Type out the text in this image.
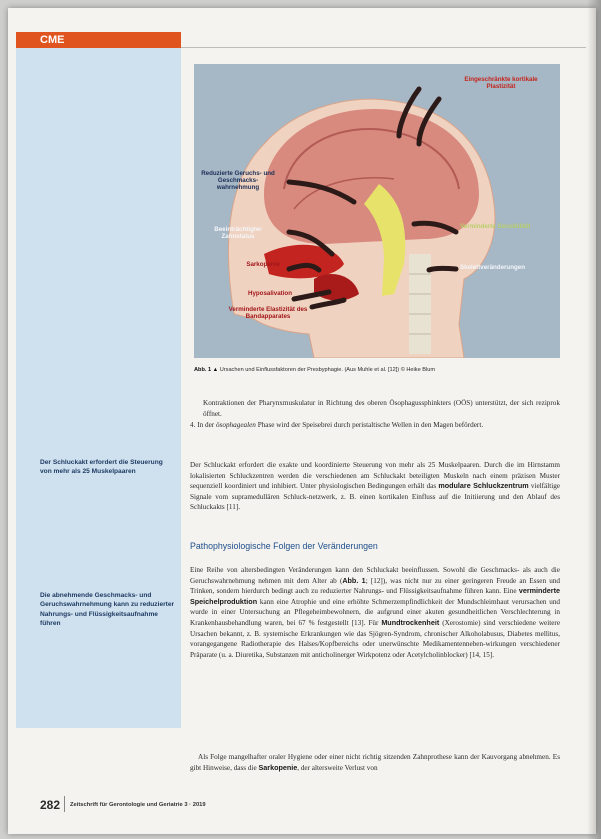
CME
Der Schluckakt erfordert die Steuerung von mehr als 25 Muskelpaaren
Die abnehmende Geschmacks- und Geruchswahrnehmung kann zu reduzierter Nahrungs- und Flüssigkeitsaufnahme führen
Eingeschränkte kortikale Plastizität
Reduzierte Geruchs- und Geschmackswahrnehmung
Beeinträchtigter Zahnstatus
Verminderte Sensibilität
Sarkopenie	Skelettveränderungen
Hyposalivation
Verminderte Elastizität des Bandapparates
Abb. 1 ▲ Ursachen und Einflussfaktoren der Presbyphagie. (Aus Muhle et al. [12]) © Heike Blum
Kontraktionen der Pharynxmuskulatur in Richtung des oberen Ösophagussphinkters (OÖS) unterstützt, der sich reziprok öffnet.
4. In der ösophagealen Phase wird der Speisebrei durch peristaltische Wellen in den Magen befördert.
Der Schluckakt erfordert die exakte und koordinierte Steuerung von mehr als 25 Muskelpaaren. Durch die im Hirnstamm lokalisierten Schluckzentren werden die verschiedenen am Schluckakt beteiligten Muskeln nach einem präzisen Muster sequenziell koordiniert und inhibiert. Unter physiologischen Bedingungen erhält das modulare Schluckzentrum vielfältige Signale vom supramedullären Schluck-netzwerk, z. B. einen kortikalen Einfluss auf die Initiierung und den Ablauf des Schluckakts [11].
Pathophysiologische Folgen der Veränderungen
Eine Reihe von altersbedingten Veränderungen kann den Schluckakt beeinflussen. Sowohl die Geschmacks- als auch die Geruchswahrnehmung nehmen mit dem Alter ab (Abb. 1; [12]), was nicht nur zu einer geringeren Freude an Essen und Trinken, sondern hierdurch bedingt auch zu reduzierter Nahrungs- und Flüssigkeitsaufnahme führen kann. Eine verminderte Speichelproduktion kann eine Atrophie und eine erhöhte Schmerzempfindlichkeit der Mundschleimhaut verursachen und wurde in einer Untersuchung an Pflegeheimbewohnern, die aufgrund einer akuten gesundheitlichen Verschlechterung in Krankenhausbehandlung waren, bei 67 % festgestellt [13]. Für Mundtrockenheit (Xerostomie) sind verschiedene weitere Ursachen bekannt, z. B. systemische Erkrankungen wie das Sjögren-Syndrom, chronischer Alkoholabusus, Diabetes mellitus, vorangegangene Radiotherapie des Halses/Kopfbereichs oder unerwünschte Medikamentenneben-wirkungen verschiedener Präparate (u. a. Diuretika, Substanzen mit anticholinerger Wirkpotenz oder Acetylcholinblocker) [14, 15].
Als Folge mangelhafter oraler Hygiene oder einer nicht richtig sitzenden Zahnprothese kann der Kauvorgang abnehmen. Es gibt Hinweise, dass die Sarkopenie, der altersweite Verlust von
282 Zeitschrift für Gerontologie und Geriatrie 3 · 2019
